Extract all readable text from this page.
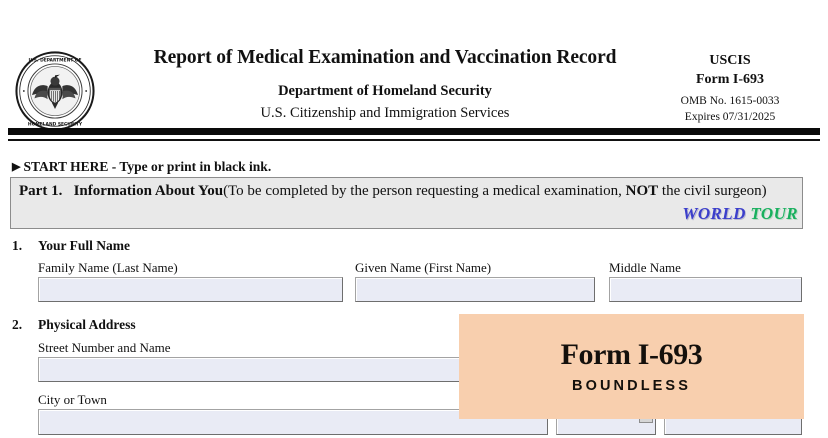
U.S. DEPARTMENT OF
HOMELAND SECURITY
Report of Medical Examination and Vaccination Record
Department of Homeland Security
U.S. Citizenship and Immigration Services
USCIS
Form I-693
OMB No. 1615-0033
Expires 07/31/2025
▶ START HERE - Type or print in black ink.
Part 1. Information About You(To be completed by the person requesting a medical examination, NOT the civil surgeon)
WORLD TOUR
1. Your Full Name
Family Name (Last Name)	Given Name (First Name)	Middle Name
2. Physical Address
Street Number and Name
City or Town
Form I-693
BOUNDLESS
